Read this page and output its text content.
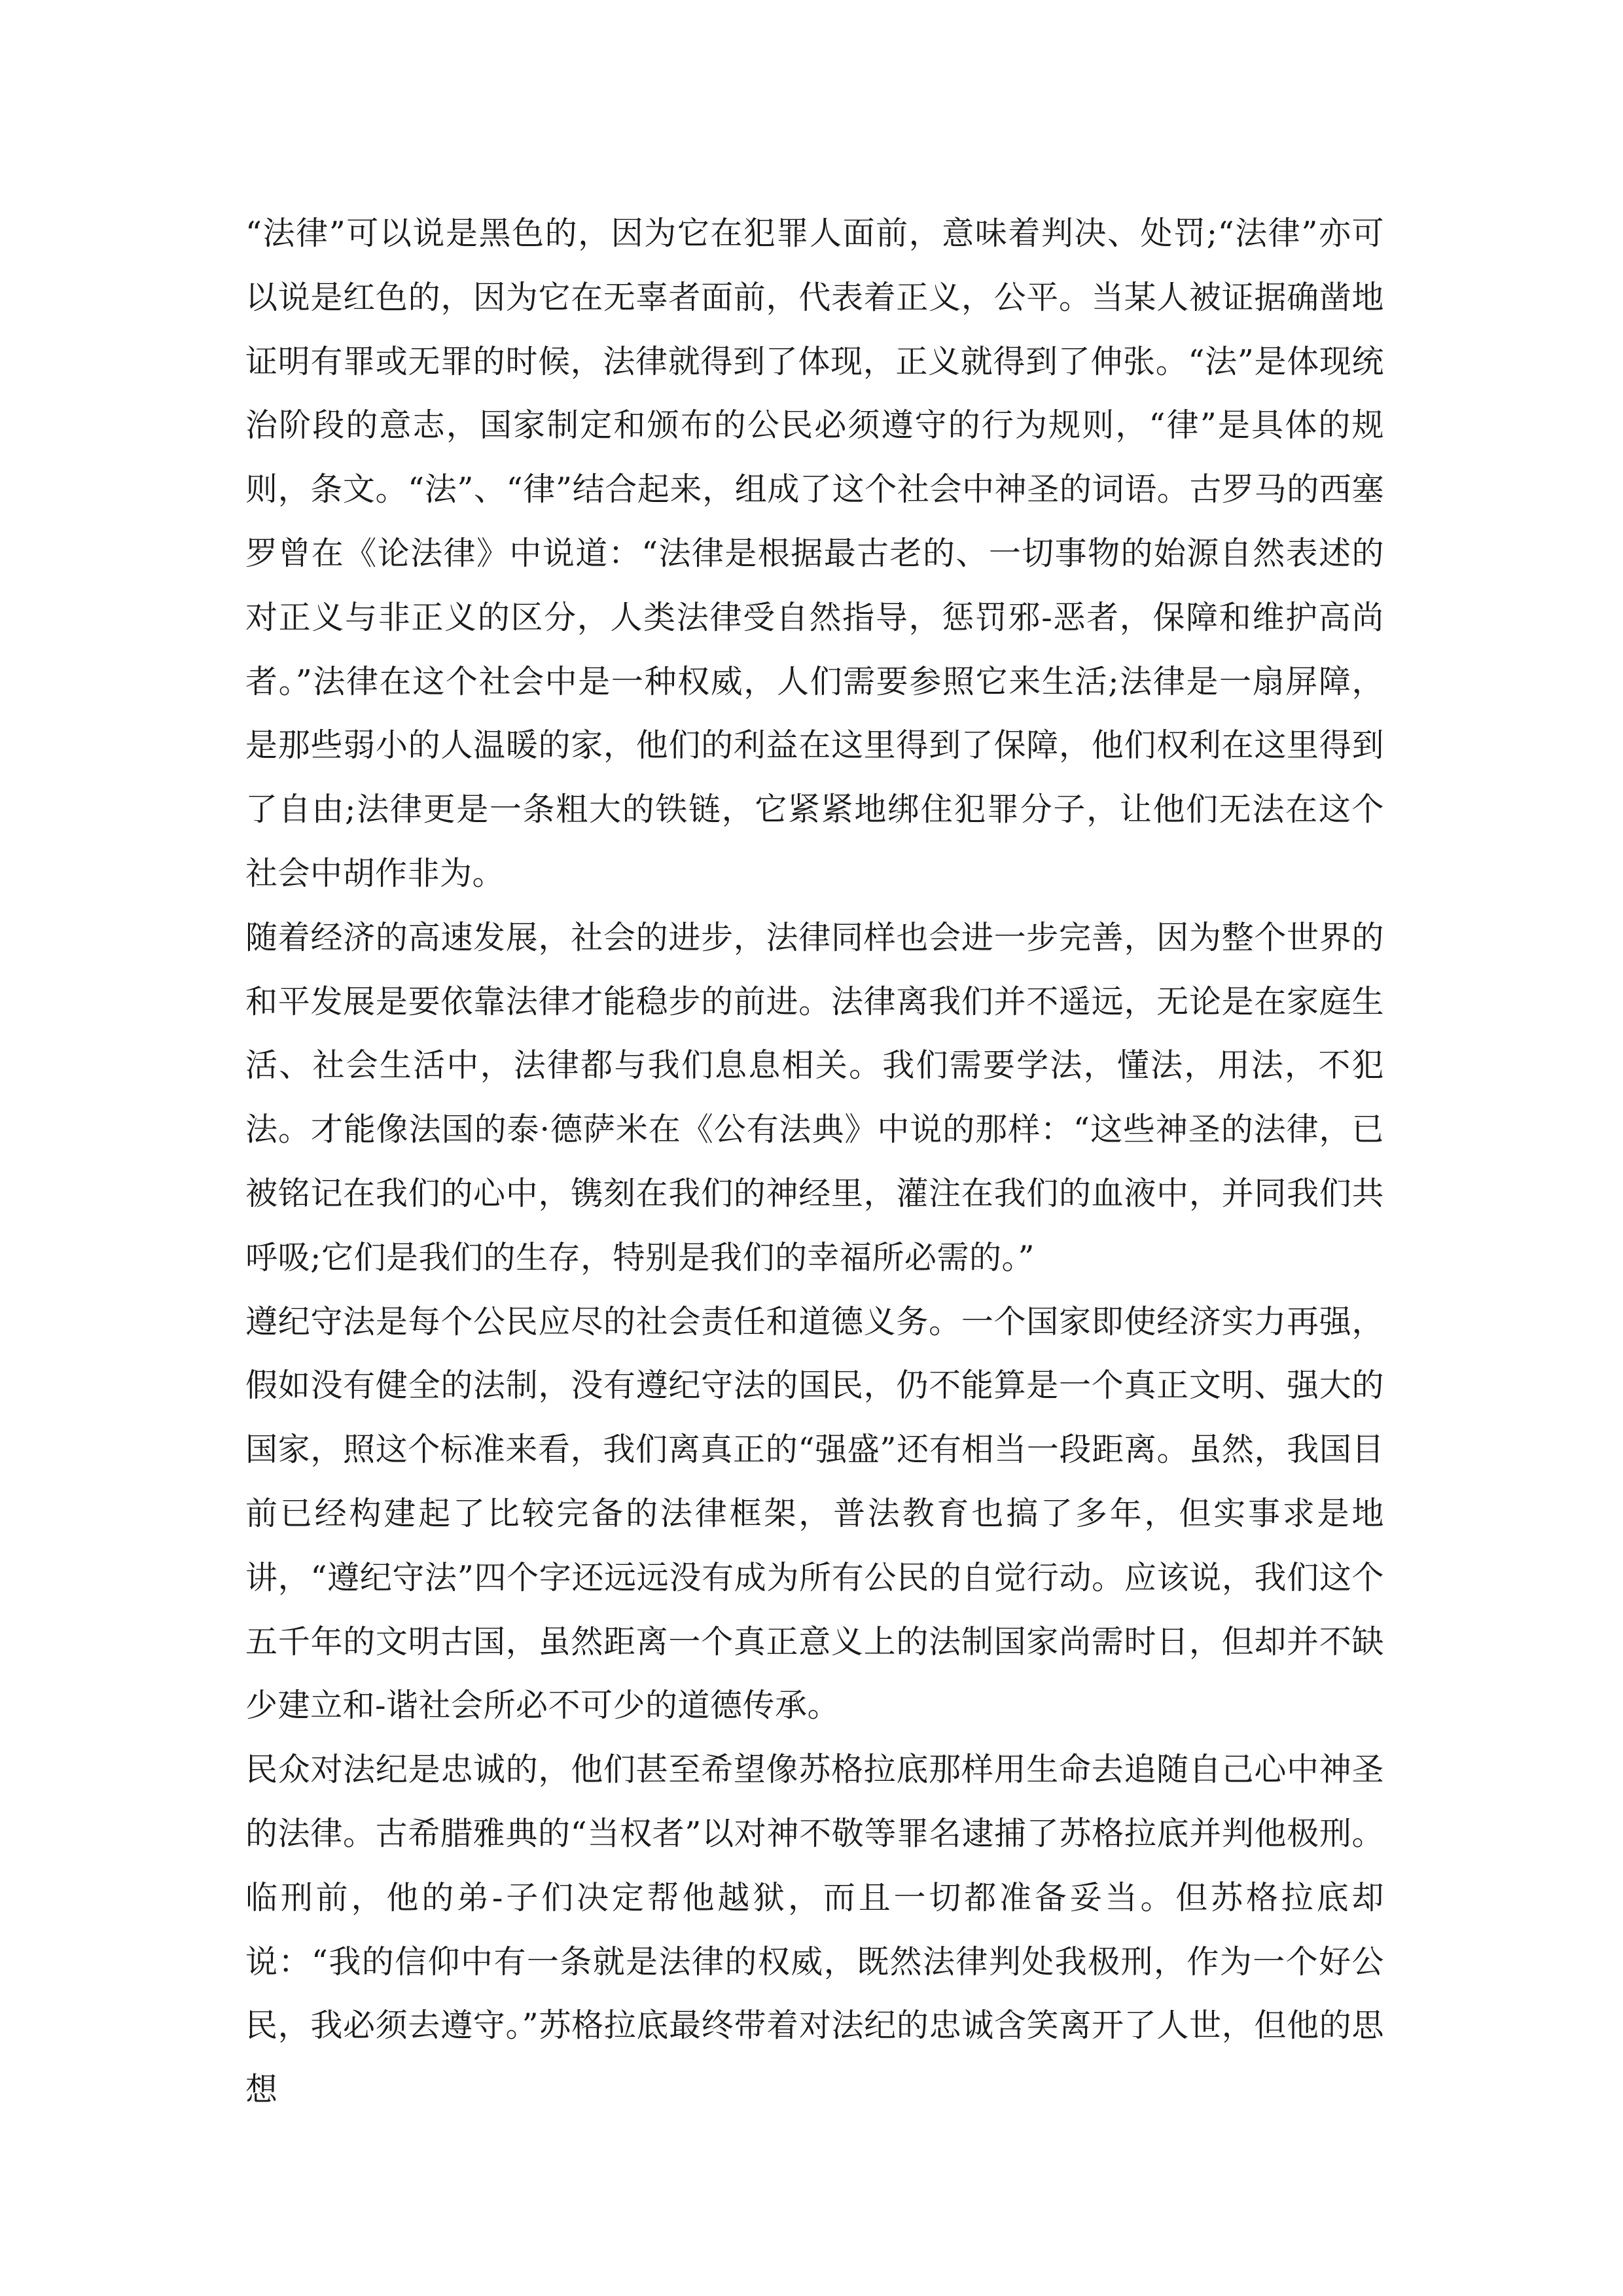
“法律”可以说是黑色的，因为它在犯罪人面前，意味着判决、处罚;“法律”亦可以说是红色的，因为它在无辜者面前，代表着正义，公平。当某人被证据确凿地证明有罪或无罪的时候，法律就得到了体现，正义就得到了伸张。“法”是体现统治阶段的意志，国家制定和颁布的公民必须遵守的行为规则，“律”是具体的规则，条文。“法”、“律”结合起来，组成了这个社会中神圣的词语。古罗马的西塞罗曾在《论法律》中说道：“法律是根据最古老的、一切事物的始源自然表述的对正义与非正义的区分，人类法律受自然指导，惩罚邪-恶者，保障和维护高尚者。”法律在这个社会中是一种权威，人们需要参照它来生活;法律是一扇屏障，是那些弱小的人温暖的家，他们的利益在这里得到了保障，他们权利在这里得到了自由;法律更是一条粗大的铁链，它紧紧地绑住犯罪分子，让他们无法在这个社会中胡作非为。

随着经济的高速发展，社会的进步，法律同样也会进一步完善，因为整个世界的和平发展是要依靠法律才能稳步的前进。法律离我们并不遥远，无论是在家庭生活、社会生活中，法律都与我们息息相关。我们需要学法，懂法，用法，不犯法。才能像法国的泰·德萨米在《公有法典》中说的那样：“这些神圣的法律，已被铭记在我们的心中，镌刻在我们的神经里，灌注在我们的血液中，并同我们共呼吸;它们是我们的生存，特别是我们的幸福所必需的。”

遵纪守法是每个公民应尽的社会责任和道德义务。一个国家即使经济实力再强，假如没有健全的法制，没有遵纪守法的国民，仍不能算是一个真正文明、强大的国家，照这个标准来看，我们离真正的“强盛”还有相当一段距离。虽然，我国目前已经构建起了比较完备的法律框架，普法教育也搞了多年，但实事求是地讲，“遵纪守法”四个字还远远没有成为所有公民的自觉行动。应该说，我们这个五千年的文明古国，虽然距离一个真正意义上的法制国家尚需时日，但却并不缺少建立和-谐社会所必不可少的道德传承。

民众对法纪是忠诚的，他们甚至希望像苏格拉底那样用生命去追随自己心中神圣的法律。古希腊雅典的“当权者”以对神不敬等罪名逮捕了苏格拉底并判他极刑。临刑前，他的弟-子们决定帮他越狱，而且一切都准备妥当。但苏格拉底却说：“我的信仰中有一条就是法律的权威，既然法律判处我极刑，作为一个好公民，我必须去遵守。”苏格拉底最终带着对法纪的忠诚含笑离开了人世，但他的思想
